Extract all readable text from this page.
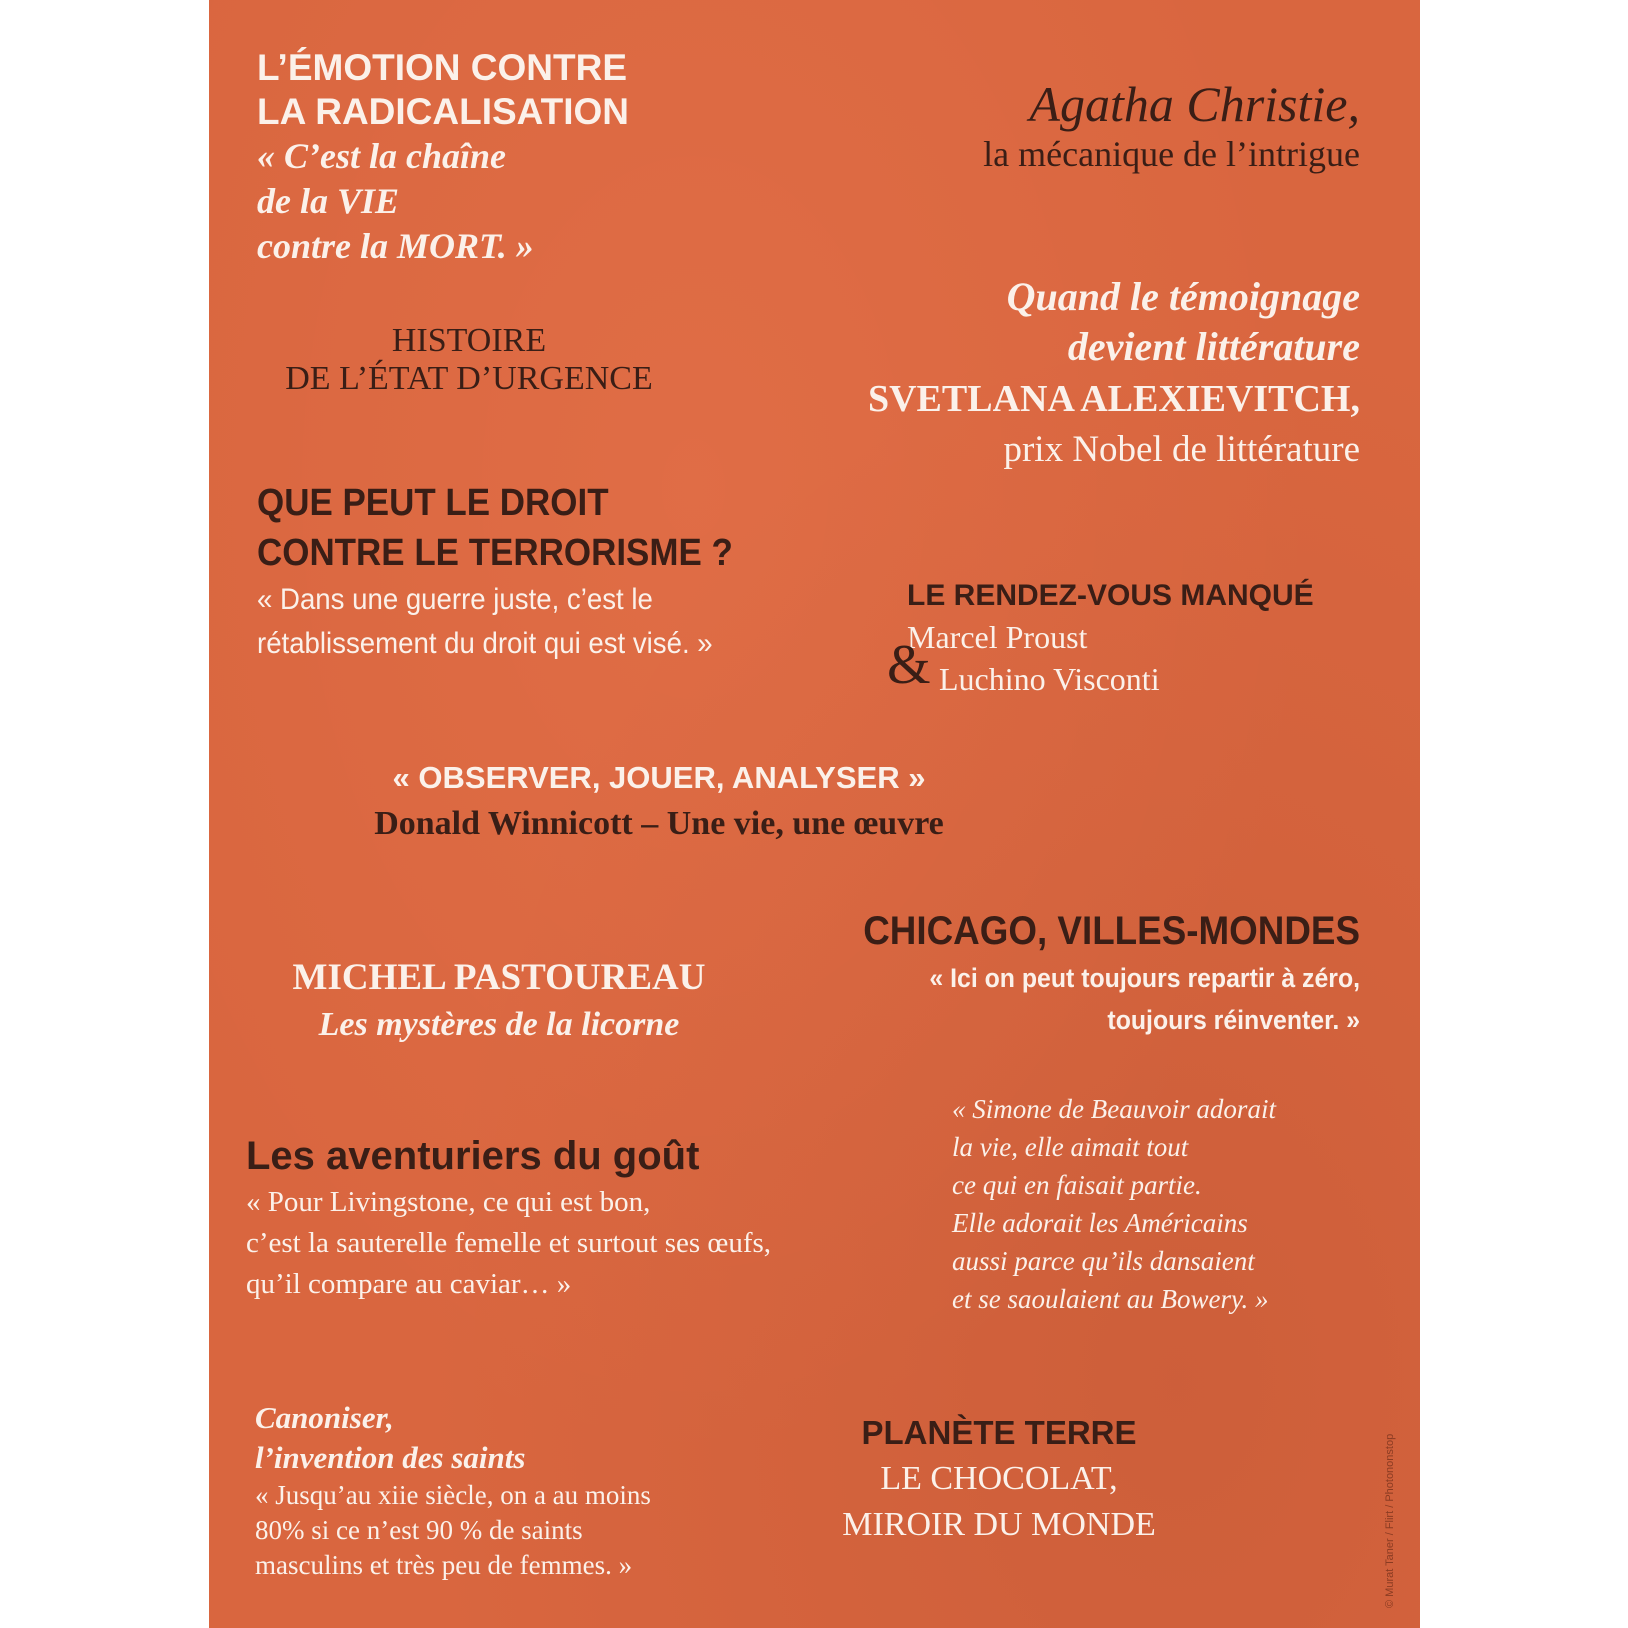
L’ÉMOTION CONTRE
LA RADICALISATION
« C’est la chaîne
de la VIE
contre la MORT. »
Agatha Christie,
la mécanique de l’intrigue
HISTOIRE
DE L’ÉTAT D’URGENCE
Quand le témoignage
devient littérature
SVETLANA ALEXIEVITCH,
prix Nobel de littérature
QUE PEUT LE DROIT
CONTRE LE TERRORISME ?
« Dans une guerre juste, c’est le
rétablissement du droit qui est visé. »
LE RENDEZ-VOUS MANQUÉ
Marcel Proust
& Luchino Visconti
« OBSERVER, JOUER, ANALYSER »
Donald Winnicott – Une vie, une œuvre
CHICAGO, VILLES-MONDES
« Ici on peut toujours repartir à zéro,
toujours réinventer. »
MICHEL PASTOUREAU
Les mystères de la licorne
« Simone de Beauvoir adorait
la vie, elle aimait tout
ce qui en faisait partie.
Elle adorait les Américains
aussi parce qu’ils dansaient
et se saoulaient au Bowery. »
Les aventuriers du goût
« Pour Livingstone, ce qui est bon,
c’est la sauterelle femelle et surtout ses œufs,
qu’il compare au caviar… »
Canoniser,
l’invention des saints
« Jusqu’au xiie siècle, on a au moins
80% si ce n’est 90 % de saints
masculins et très peu de femmes. »
PLANÈTE TERRE
LE CHOCOLAT,
MIROIR DU MONDE	© Murat Taner / Flirt / Photononstop
